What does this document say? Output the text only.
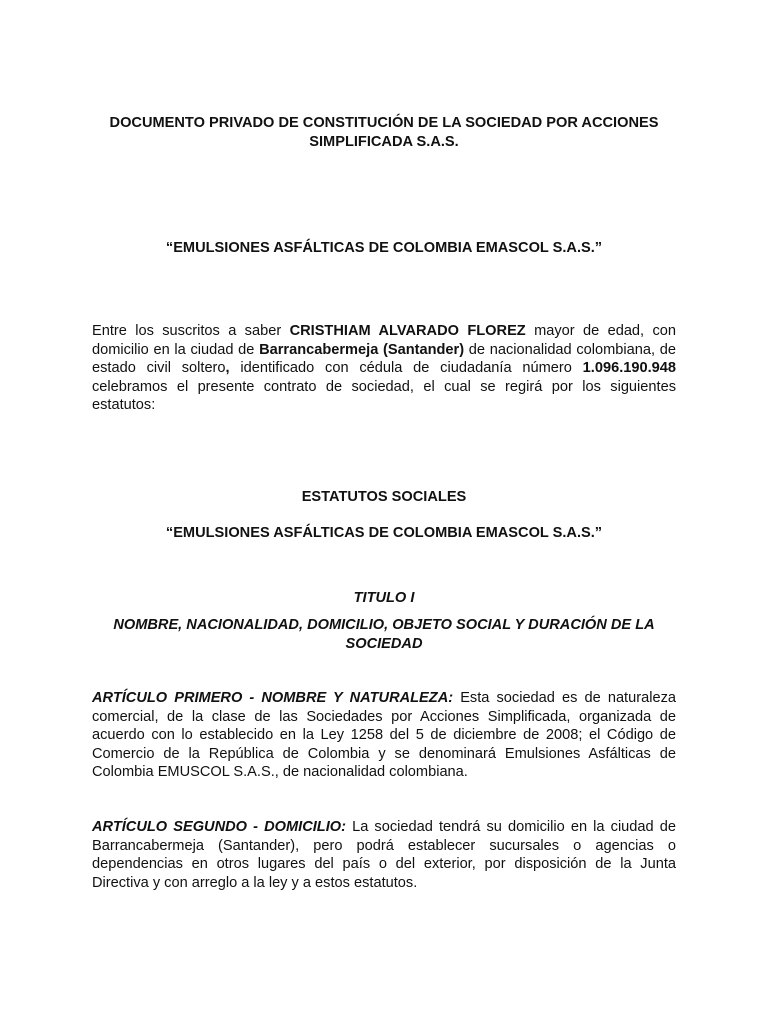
DOCUMENTO PRIVADO DE CONSTITUCIÓN DE LA SOCIEDAD POR ACCIONES SIMPLIFICADA S.A.S.
“EMULSIONES ASFÁLTICAS DE COLOMBIA EMASCOL S.A.S.”
Entre los suscritos a saber CRISTHIAM ALVARADO FLOREZ mayor de edad, con domicilio en la ciudad de Barrancabermeja (Santander) de nacionalidad colombiana, de estado civil soltero, identificado con cédula de ciudadanía número 1.096.190.948 celebramos el presente contrato de sociedad, el cual se regirá por los siguientes estatutos:
ESTATUTOS SOCIALES
“EMULSIONES ASFÁLTICAS DE COLOMBIA EMASCOL S.A.S.”
TITULO I
NOMBRE, NACIONALIDAD, DOMICILIO, OBJETO SOCIAL Y DURACIÓN DE LA SOCIEDAD
ARTÍCULO PRIMERO - NOMBRE Y NATURALEZA: Esta sociedad es de naturaleza comercial, de la clase de las Sociedades por Acciones Simplificada, organizada de acuerdo con lo establecido en la Ley 1258 del 5 de diciembre de 2008; el Código de Comercio de la República de Colombia y se denominará Emulsiones Asfálticas de Colombia EMUSCOL S.A.S., de nacionalidad colombiana.
ARTÍCULO SEGUNDO - DOMICILIO: La sociedad tendrá su domicilio en la ciudad de Barrancabermeja (Santander), pero podrá establecer sucursales o agencias o dependencias en otros lugares del país o del exterior, por disposición de la Junta Directiva y con arreglo a la ley y a estos estatutos.
